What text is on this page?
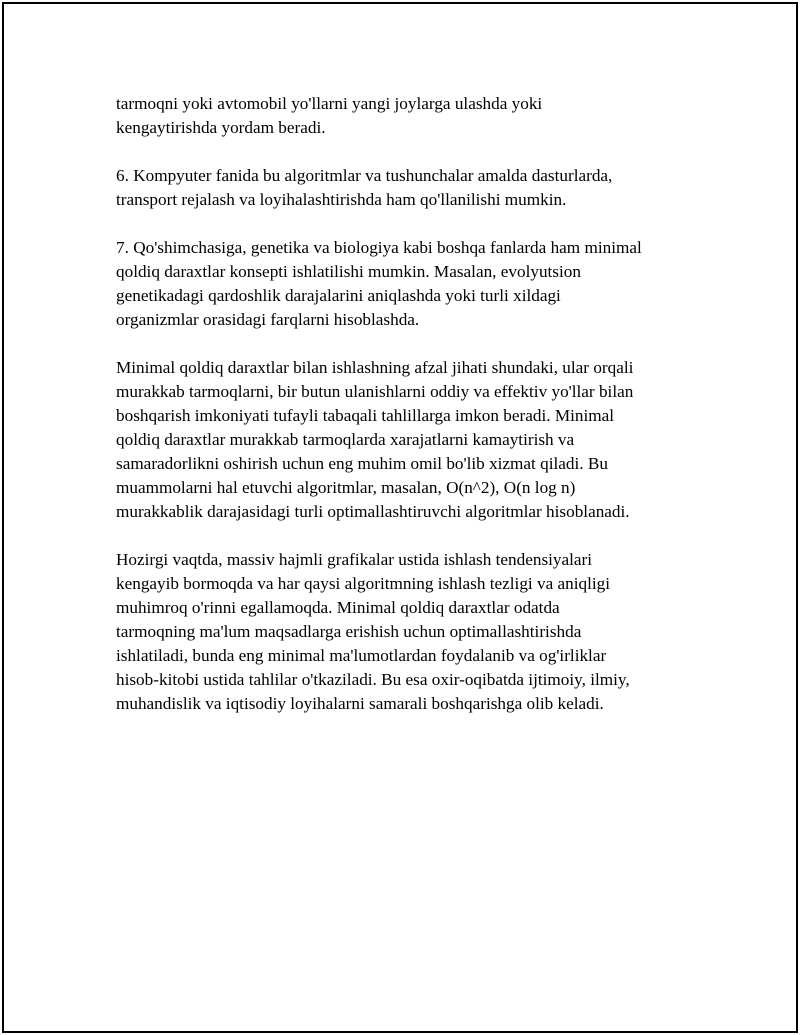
tarmoqni yoki avtomobil yo'llarni yangi joylarga ulashda yoki
kengaytirishda yordam beradi.

6. Kompyuter fanida bu algoritmlar va tushunchalar amalda dasturlarda,
transport rejalash va loyihalashtirishda ham qo'llanilishi mumkin.

7. Qo'shimchasiga, genetika va biologiya kabi boshqa fanlarda ham minimal
qoldiq daraxtlar konsepti ishlatilishi mumkin. Masalan, evolyutsion
genetikadagi qardoshlik darajalarini aniqlashda yoki turli xildagi
organizmlar orasidagi farqlarni hisoblashda.

Minimal qoldiq daraxtlar bilan ishlashning afzal jihati shundaki, ular orqali
murakkab tarmoqlarni, bir butun ulanishlarni oddiy va effektiv yo'llar bilan
boshqarish imkoniyati tufayli tabaqali tahlillarga imkon beradi. Minimal
qoldiq daraxtlar murakkab tarmoqlarda xarajatlarni kamaytirish va
samaradorlikni oshirish uchun eng muhim omil bo'lib xizmat qiladi. Bu
muammolarni hal etuvchi algoritmlar, masalan, O(n^2), O(n log n)
murakkablik darajasidagi turli optimallashtiruvchi algoritmlar hisoblanadi.

Hozirgi vaqtda, massiv hajmli grafikalar ustida ishlash tendensiyalari
kengayib bormoqda va har qaysi algoritmning ishlash tezligi va aniqligi
muhimroq o'rinni egallamoqda. Minimal qoldiq daraxtlar odatda
tarmoqning ma'lum maqsadlarga erishish uchun optimallashtirishda
ishlatiladi, bunda eng minimal ma'lumotlardan foydalanib va og'irliklar
hisob-kitobi ustida tahlilar o'tkaziladi. Bu esa oxir-oqibatda ijtimoiy, ilmiy,
muhandislik va iqtisodiy loyihalarni samarali boshqarishga olib keladi.
